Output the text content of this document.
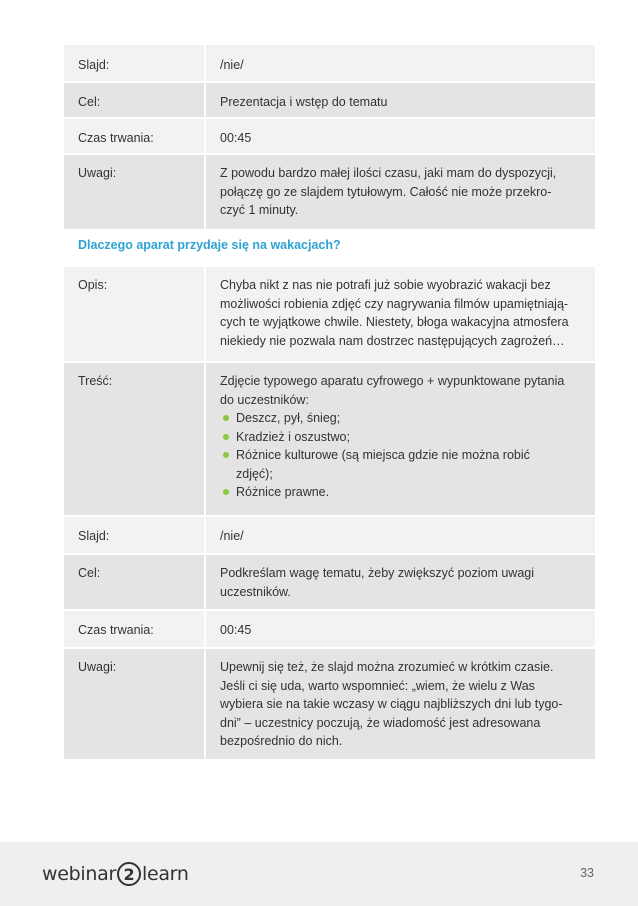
Slajd:	/nie/
Cel:	Prezentacja i wstęp do tematu
Czas trwania:	00:45
Uwagi:	Z powodu bardzo małej ilości czasu, jaki mam do dyspozycji,
połączę go ze slajdem tytułowym. Całość nie może przekro-
czyć 1 minuty.
Dlaczego aparat przydaje się na wakacjach?
Opis:	Chyba nikt z nas nie potrafi już sobie wyobrazić wakacji bez
możliwości robienia zdjęć czy nagrywania filmów upamiętniają-
cych te wyjątkowe chwile. Niestety, błoga wakacyjna atmosfera
niekiedy nie pozwala nam dostrzec następujących zagrożeń…
Treść:	Zdjęcie typowego aparatu cyfrowego + wypunktowane pytania
do uczestników:
Deszcz, pył, śnieg;
Kradzież i oszustwo;
Różnice kulturowe (są miejsca gdzie nie można robić
zdjęć);
Różnice prawne.
Slajd:	/nie/
Cel:	Podkreślam wagę tematu, żeby zwiększyć poziom uwagi
uczestników.
Czas trwania:	00:45
Uwagi:	Upewnij się też, że slajd można zrozumieć w krótkim czasie.
Jeśli ci się uda, warto wspomnieć: „wiem, że wielu z Was
wybiera sie na takie wczasy w ciągu najbliższych dni lub tygo-
dni” – uczestnicy poczują, że wiadomość jest adresowana
bezpośrednio do nich.
webinar 2 learn	33
